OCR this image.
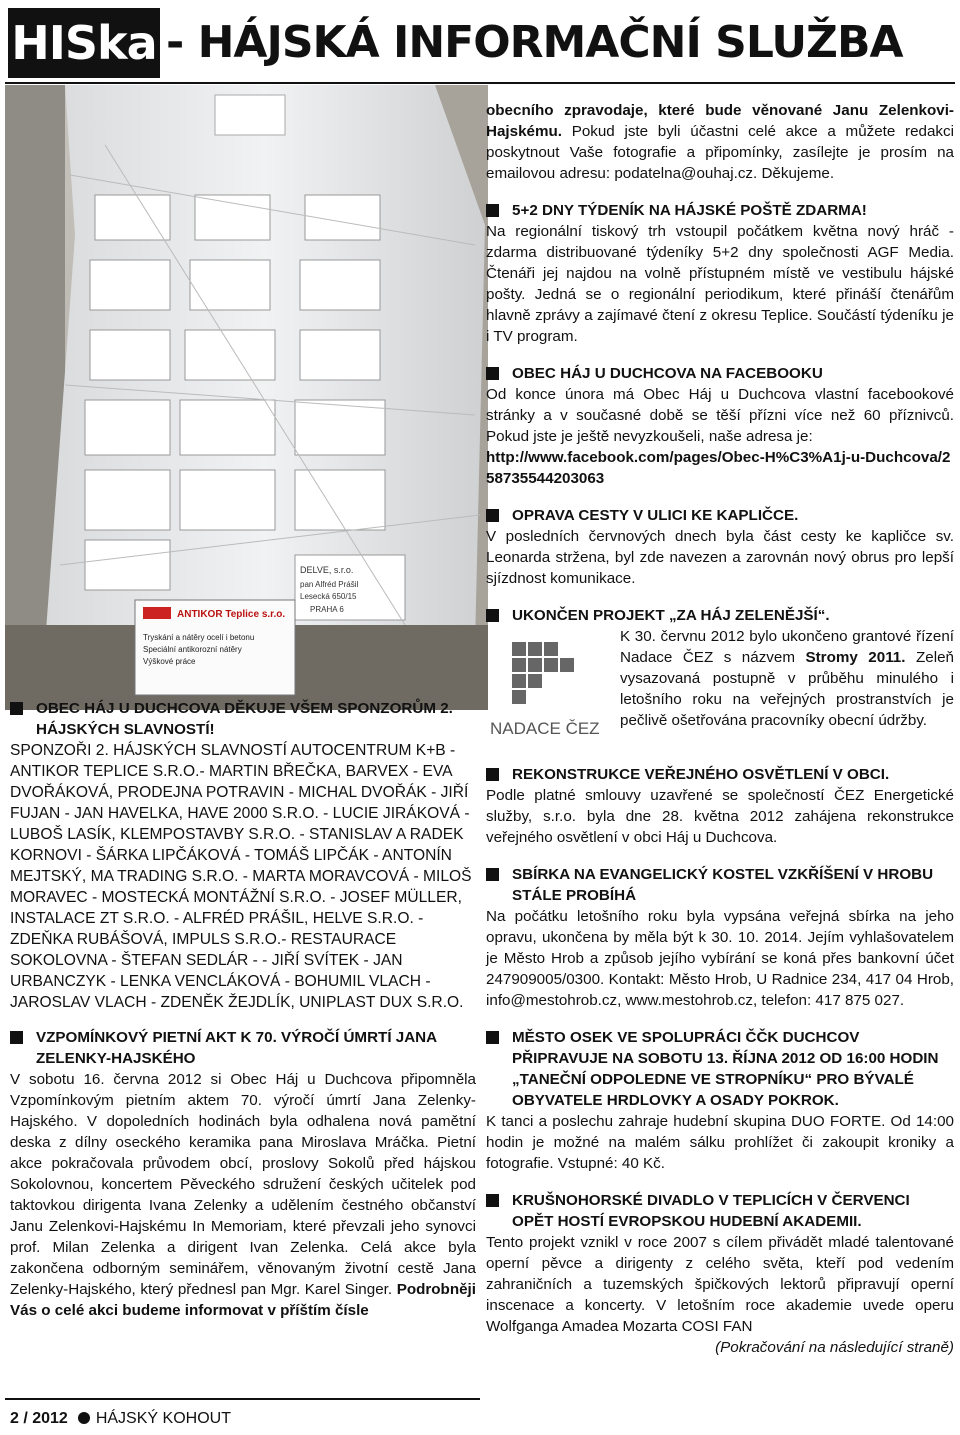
HISka - HÁJSKÁ INFORMAČNÍ SLUŽBA
DELVE, s.r.o.
pan Alfréd Prášil
Lesecká 650/15
PRAHA 6
ANTIKOR Teplice s.r.o.
Tryskání a nátěry ocelí i betonu
Speciální antikorozní nátěry
Výškové práce
OBEC HÁJ U DUCHCOVA DĚKUJE VŠEM SPONZORŮM 2. HÁJSKÝCH SLAVNOSTÍ!

SPONZOŘI 2. HÁJSKÝCH SLAVNOSTÍ AUTOCENTRUM K+B - ANTIKOR TEPLICE S.R.O.- MARTIN BŘEČKA, BARVEX - EVA DVOŘÁKOVÁ, PRODEJNA POTRAVIN - MICHAL DVOŘÁK - JIŘÍ FUJAN - JAN HAVELKA, HAVE 2000 S.R.O. - LUCIE JIRÁKOVÁ - LUBOŠ LASÍK, KLEMPOSTAVBY S.R.O. - STANISLAV A RADEK KORNOVI - ŠÁRKA LIPČÁKOVÁ - TOMÁŠ LIPČÁK - ANTONÍN MEJTSKÝ, MA TRADING S.R.O. - MARTA MORAVCOVÁ - MILOŠ MORAVEC - MOSTECKÁ MONTÁŽNÍ S.R.O. - JOSEF MÜLLER, INSTALACE ZT S.R.O. - ALFRÉD PRÁŠIL, HELVE S.R.O. - ZDEŇKA RUBÁŠOVÁ, IMPULS S.R.O.- RESTAURACE SOKOLOVNA - ŠTEFAN SEDLÁR - - JIŘÍ SVÍTEK - JAN URBANCZYK - LENKA VENCLÁKOVÁ - BOHUMIL VLACH - JAROSLAV VLACH - ZDENĚK ŽEJDLÍK, UNIPLAST DUX S.R.O.

VZPOMÍNKOVÝ PIETNÍ AKT K 70. VÝROČÍ ÚMRTÍ JANA ZELENKY-HAJSKÉHO

V sobotu 16. června 2012 si Obec Háj u Duchcova připomněla Vzpomínkovým pietním aktem 70. výročí úmrtí Jana Zelenky-Hajského. V dopoledních hodinách byla odhalena nová pamětní deska z dílny oseckého keramika pana Miroslava Mráčka. Pietní akce pokračovala průvodem obcí, proslovy Sokolů před hájskou Sokolovnou, koncertem Pěveckého sdružení českých učitelek pod taktovkou dirigenta Ivana Zelenky a udělením čestného občanství Janu Zelenkovi-Hajskému In Memoriam, které převzali jeho synovci prof. Milan Zelenka a dirigent Ivan Zelenka. Celá akce byla zakončena odborným seminářem, věnovaným životní cestě Jana Zelenky-Hajského, který přednesl pan Mgr. Karel Singer. Podrobněji Vás o celé akci budeme informovat v příštím čísle

obecního zpravodaje, které bude věnované Janu Zelenkovi-Hajskému. Pokud jste byli účastni celé akce a můžete redakci poskytnout Vaše fotografie a připomínky, zasílejte je prosím na emailovou adresu: podatelna@ouhaj.cz. Děkujeme.

5+2 DNY TÝDENÍK NA HÁJSKÉ POŠTĚ ZDARMA!

Na regionální tiskový trh vstoupil počátkem května nový hráč - zdarma distribuované týdeníky 5+2 dny společnosti AGF Media. Čtenáři jej najdou na volně přístupném místě ve vestibulu hájské pošty. Jedná se o regionální periodikum, které přináší čtenářům hlavně zprávy a zajímavé čtení z okresu Teplice. Součástí týdeníku je i TV program.

OBEC HÁJ U DUCHCOVA NA FACEBOOKU

Od konce února má Obec Háj u Duchcova vlastní facebookové stránky a v současné době se těší přízni více než 60 příznivců. Pokud jste je ještě nevyzkoušeli, naše adresa je:

http://www.facebook.com/pages/Obec-H%C3%A1j-u-Duchcova/258735544203063

OPRAVA CESTY V ULICI KE KAPLIČCE.

V posledních červnových dnech byla část cesty ke kapličce sv. Leonarda stržena, byl zde navezen a zarovnán nový obrus pro lepší sjízdnost komunikace.

UKONČEN PROJEKT „ZA HÁJ ZELENĚJŠÍ“.
NADACE ČEZ

K 30. červnu 2012 bylo ukončeno grantové řízení Nadace ČEZ s názvem Stromy 2011. Zeleň vysazovaná postupně v průběhu minulého i letošního roku na veřejných prostranstvích je pečlivě ošetřována pracovníky obecní údržby.

REKONSTRUKCE VEŘEJNÉHO OSVĚTLENÍ V OBCI.

Podle platné smlouvy uzavřené se společností ČEZ Energetické služby, s.r.o. byla dne 28. května 2012 zahájena rekonstrukce veřejného osvětlení v obci Háj u Duchcova.

SBÍRKA NA EVANGELICKÝ KOSTEL VZKŘÍŠENÍ V HROBU STÁLE PROBÍHÁ

Na počátku letošního roku byla vypsána veřejná sbírka na jeho opravu, ukončena by měla být k 30. 10. 2014. Jejím vyhlašovatelem je Město Hrob a způsob jejího vybírání se koná přes bankovní účet 247909005/0300. Kontakt: Město Hrob, U Radnice 234, 417 04 Hrob, info@mestohrob.cz, www.mestohrob.cz, telefon: 417 875 027.

MĚSTO OSEK VE SPOLUPRÁCI ČČK DUCHCOV PŘIPRAVUJE NA SOBOTU 13. ŘÍJNA 2012 OD 16:00 HODIN „TANEČNÍ ODPOLEDNE VE STROPNÍKU“ PRO BÝVALÉ OBYVATELE HRDLOVKY A OSADY POKROK.

K tanci a poslechu zahraje hudební skupina DUO FORTE. Od 14:00 hodin je možné na malém sálku prohlížet či zakoupit kroniky a fotografie. Vstupné: 40 Kč.

KRUŠNOHORSKÉ DIVADLO V TEPLICÍCH V ČERVENCI OPĚT HOSTÍ EVROPSKOU HUDEBNÍ AKADEMII.

Tento projekt vznikl v roce 2007 s cílem přivádět mladé talentované operní pěvce a dirigenty z celého světa, kteří pod vedením zahraničních a tuzemských špičkových lektorů připravují operní inscenace a koncerty. V letošním roce akademie uvede operu Wolfganga Amadea Mozarta COSI FAN

(Pokračování na následující straně)

2 / 2012 HÁJSKÝ KOHOUT
